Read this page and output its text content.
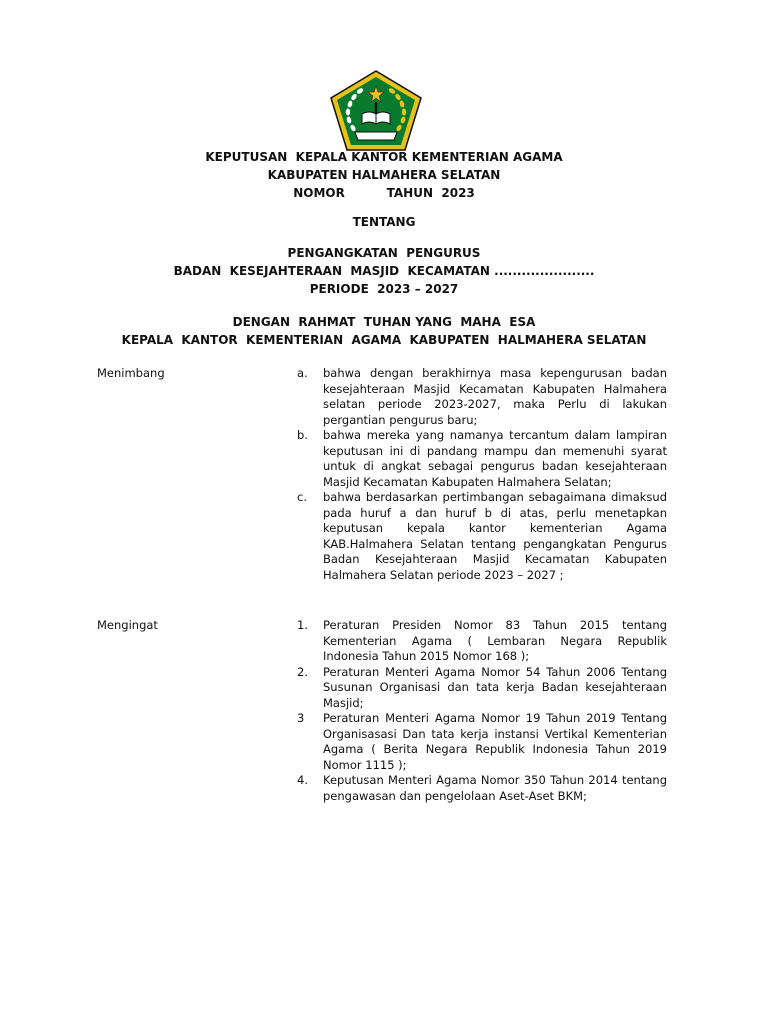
KEPUTUSAN  KEPALA KANTOR KEMENTERIAN AGAMA
KABUPATEN HALMAHERA SELATAN
NOMOR          TAHUN  2023
TENTANG
PENGANGKATAN  PENGURUS
BADAN  KESEJAHTERAAN  MASJID  KECAMATAN ......................
PERIODE  2023 – 2027
DENGAN  RAHMAT  TUHAN YANG  MAHA  ESA
KEPALA  KANTOR  KEMENTERIAN  AGAMA  KABUPATEN  HALMAHERA SELATAN
Menimbang	a.	bahwa dengan berakhirnya masa kepengurusan badan kesejahteraan Masjid Kecamatan Kabupaten Halmahera selatan periode 2023-2027, maka Perlu di lakukan pergantian pengurus baru;
b.	bahwa mereka yang namanya tercantum dalam lampiran keputusan ini di pandang mampu dan memenuhi syarat untuk di angkat sebagai pengurus badan kesejahteraan Masjid Kecamatan Kabupaten Halmahera Selatan;
c.	bahwa berdasarkan pertimbangan sebagaimana dimaksud pada huruf a dan huruf b di atas, perlu menetapkan keputusan kepala kantor kementerian Agama KAB.Halmahera Selatan tentang pengangkatan Pengurus Badan Kesejahteraan Masjid Kecamatan Kabupaten Halmahera Selatan periode 2023 – 2027 ;
Mengingat	1.	Peraturan Presiden Nomor 83 Tahun 2015 tentang Kementerian Agama ( Lembaran Negara Republik Indonesia Tahun 2015 Nomor 168 );
2.	Peraturan Menteri Agama Nomor 54 Tahun 2006 Tentang Susunan Organisasi dan tata kerja Badan kesejahteraan Masjid;
3	Peraturan Menteri Agama Nomor 19 Tahun 2019 Tentang Organisasasi Dan tata kerja instansi Vertikal Kementerian Agama ( Berita Negara Republik Indonesia Tahun 2019 Nomor 1115 );
4.	Keputusan Menteri Agama Nomor 350 Tahun 2014 tentang pengawasan dan pengelolaan Aset-Aset BKM;
